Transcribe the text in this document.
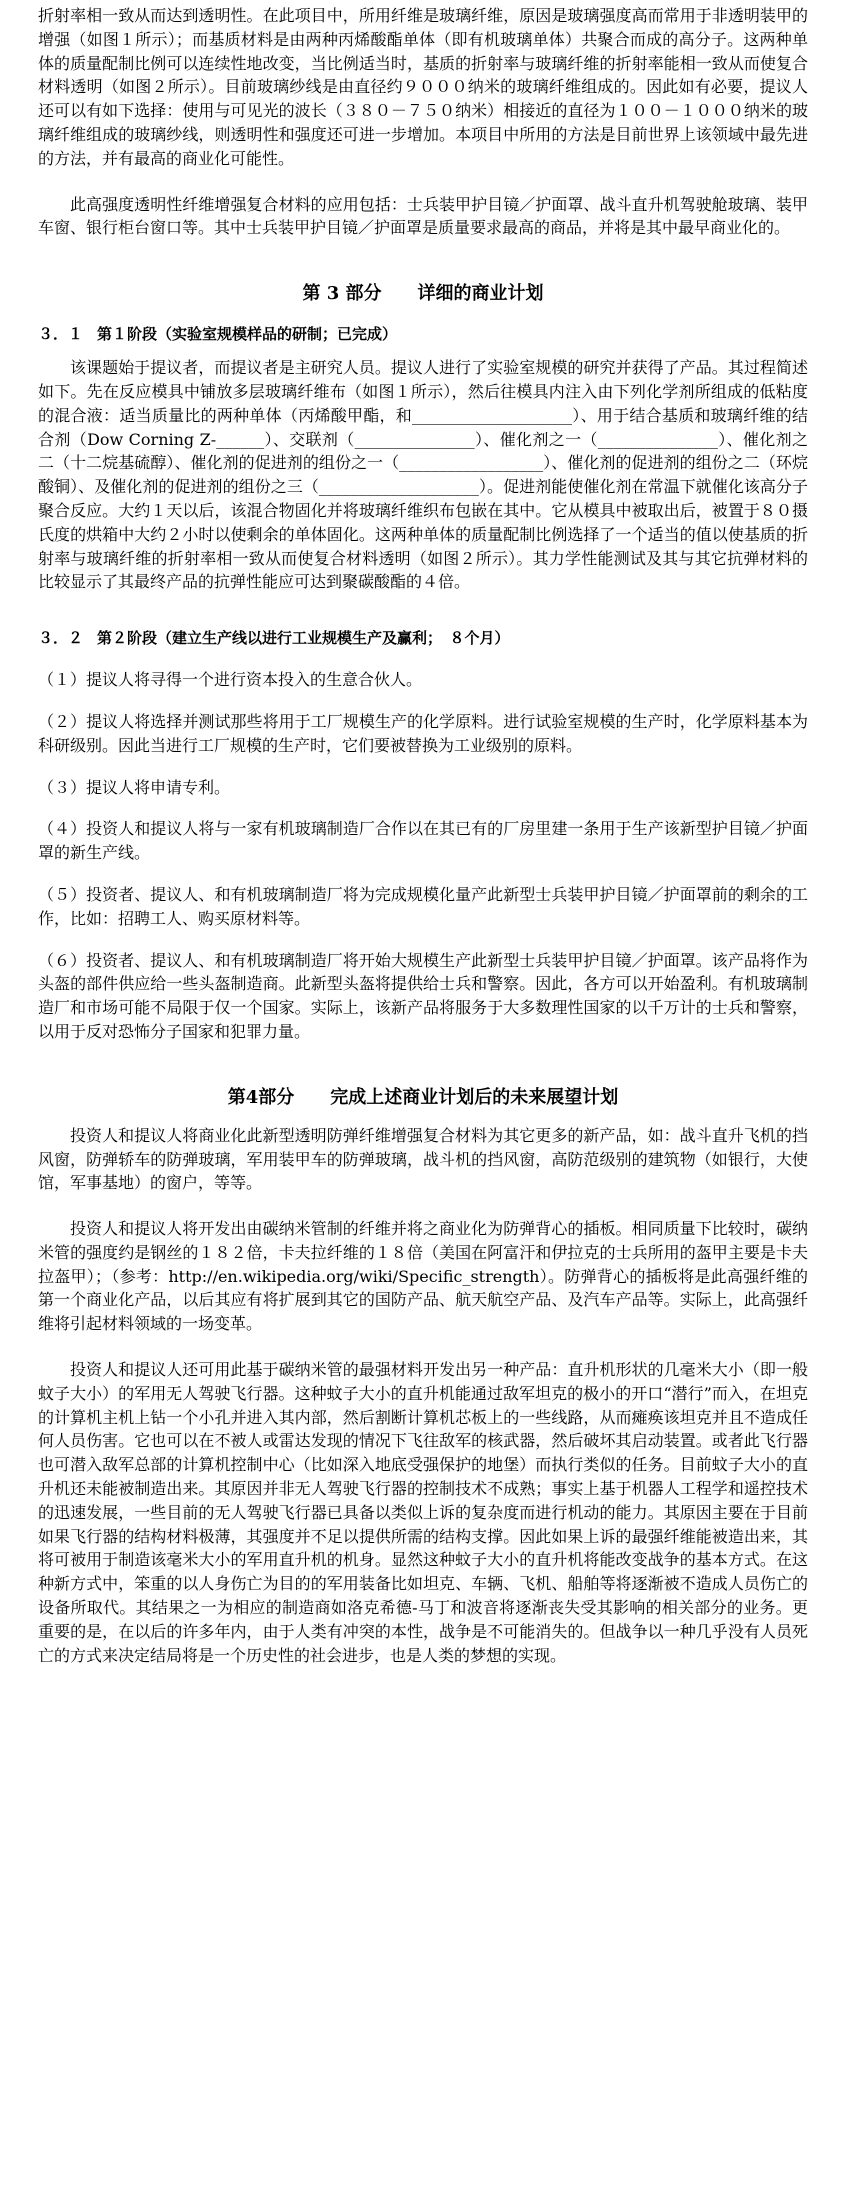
折射率相一致从而达到透明性。在此项目中，所用纤维是玻璃纤维，原因是玻璃强度高而常用于非透明装甲的增强（如图１所示）；而基质材料是由两种丙烯酸酯单体（即有机玻璃单体）共聚合而成的高分子。这两种单体的质量配制比例可以连续性地改变，当比例适当时，基质的折射率与玻璃纤维的折射率能相一致从而使复合材料透明（如图２所示）。目前玻璃纱线是由直径约９０００纳米的玻璃纤维组成的。因此如有必要，提议人还可以有如下选择：使用与可见光的波长（３８０－７５０纳米）相接近的直径为１００－１０００纳米的玻璃纤维组成的玻璃纱线，则透明性和强度还可进一步增加。本项目中所用的方法是目前世界上该领域中最先进的方法，并有最高的商业化可能性。

此高强度透明性纤维增强复合材料的应用包括：士兵装甲护目镜／护面罩、战斗直升机驾驶舱玻璃、装甲车窗、银行柜台窗口等。其中士兵装甲护目镜／护面罩是质量要求最高的商品，并将是其中最早商业化的。

第 3 部分 详细的商业计划
３．１ 第１阶段（实验室规模样品的研制；已完成）

该课题始于提议者，而提议者是主研究人员。提议人进行了实验室规模的研究并获得了产品。其过程简述如下。先在反应模具中铺放多层玻璃纤维布（如图１所示），然后往模具内注入由下列化学剂所组成的低粘度的混合液：适当质量比的两种单体（丙烯酸甲酯，和____________________）、用于结合基质和玻璃纤维的结合剂（Dow Corning Z-______）、交联剂（_______________）、催化剂之一（_______________）、催化剂之二（十二烷基硫醇）、催化剂的促进剂的组份之一（__________________）、催化剂的促进剂的组份之二（环烷酸铜）、及催化剂的促进剂的组份之三（____________________）。促进剂能使催化剂在常温下就催化该高分子聚合反应。大约１天以后，该混合物固化并将玻璃纤维织布包嵌在其中。它从模具中被取出后，被置于８０摄氏度的烘箱中大约２小时以使剩余的单体固化。这两种单体的质量配制比例选择了一个适当的值以使基质的折射率与玻璃纤维的折射率相一致从而使复合材料透明（如图２所示）。其力学性能测试及其与其它抗弹材料的比较显示了其最终产品的抗弹性能应可达到聚碳酸酯的４倍。

３．２ 第２阶段（建立生产线以进行工业规模生产及赢利；　８个月）

（１）提议人将寻得一个进行资本投入的生意合伙人。

（２）提议人将选择并测试那些将用于工厂规模生产的化学原料。进行试验室规模的生产时，化学原料基本为科研级别。因此当进行工厂规模的生产时，它们要被替换为工业级别的原料。

（３）提议人将申请专利。

（４）投资人和提议人将与一家有机玻璃制造厂合作以在其已有的厂房里建一条用于生产该新型护目镜／护面罩的新生产线。

（５）投资者、提议人、和有机玻璃制造厂将为完成规模化量产此新型士兵装甲护目镜／护面罩前的剩余的工作，比如：招聘工人、购买原材料等。

（６）投资者、提议人、和有机玻璃制造厂将开始大规模生产此新型士兵装甲护目镜／护面罩。该产品将作为头盔的部件供应给一些头盔制造商。此新型头盔将提供给士兵和警察。因此，各方可以开始盈利。有机玻璃制造厂和市场可能不局限于仅一个国家。实际上，该新产品将服务于大多数理性国家的以千万计的士兵和警察，以用于反对恐怖分子国家和犯罪力量。

第4部分 完成上述商业计划后的未来展望计划

投资人和提议人将商业化此新型透明防弹纤维增强复合材料为其它更多的新产品，如：战斗直升飞机的挡风窗，防弹轿车的防弹玻璃，军用装甲车的防弹玻璃，战斗机的挡风窗，高防范级别的建筑物（如银行，大使馆，军事基地）的窗户，等等。

投资人和提议人将开发出由碳纳米管制的纤维并将之商业化为防弹背心的插板。相同质量下比较时，碳纳米管的强度约是钢丝的１８２倍，卡夫拉纤维的１８倍（美国在阿富汗和伊拉克的士兵所用的盔甲主要是卡夫拉盔甲）；（参考：http://en.wikipedia.org/wiki/Specific_strength）。防弹背心的插板将是此高强纤维的第一个商业化产品，以后其应有将扩展到其它的国防产品、航天航空产品、及汽车产品等。实际上，此高强纤维将引起材料领域的一场变革。

投资人和提议人还可用此基于碳纳米管的最强材料开发出另一种产品：直升机形状的几毫米大小（即一般蚊子大小）的军用无人驾驶飞行器。这种蚊子大小的直升机能通过敌军坦克的极小的开口“潜行”而入，在坦克的计算机主机上钻一个小孔并进入其内部，然后割断计算机芯板上的一些线路，从而瘫痪该坦克并且不造成任何人员伤害。它也可以在不被人或雷达发现的情况下飞往敌军的核武器，然后破坏其启动装置。或者此飞行器也可潜入敌军总部的计算机控制中心（比如深入地底受强保护的地堡）而执行类似的任务。目前蚊子大小的直升机还未能被制造出来。其原因并非无人驾驶飞行器的控制技术不成熟；事实上基于机器人工程学和遥控技术的迅速发展，一些目前的无人驾驶飞行器已具备以类似上诉的复杂度而进行机动的能力。其原因主要在于目前如果飞行器的结构材料极薄，其强度并不足以提供所需的结构支撑。因此如果上诉的最强纤维能被造出来，其将可被用于制造该毫米大小的军用直升机的机身。显然这种蚊子大小的直升机将能改变战争的基本方式。在这种新方式中，笨重的以人身伤亡为目的的军用装备比如坦克、车辆、飞机、船舶等将逐渐被不造成人员伤亡的设备所取代。其结果之一为相应的制造商如洛克希德-马丁和波音将逐渐丧失受其影响的相关部分的业务。更重要的是，在以后的许多年内，由于人类有冲突的本性，战争是不可能消失的。但战争以一种几乎没有人员死亡的方式来决定结局将是一个历史性的社会进步，也是人类的梦想的实现。
